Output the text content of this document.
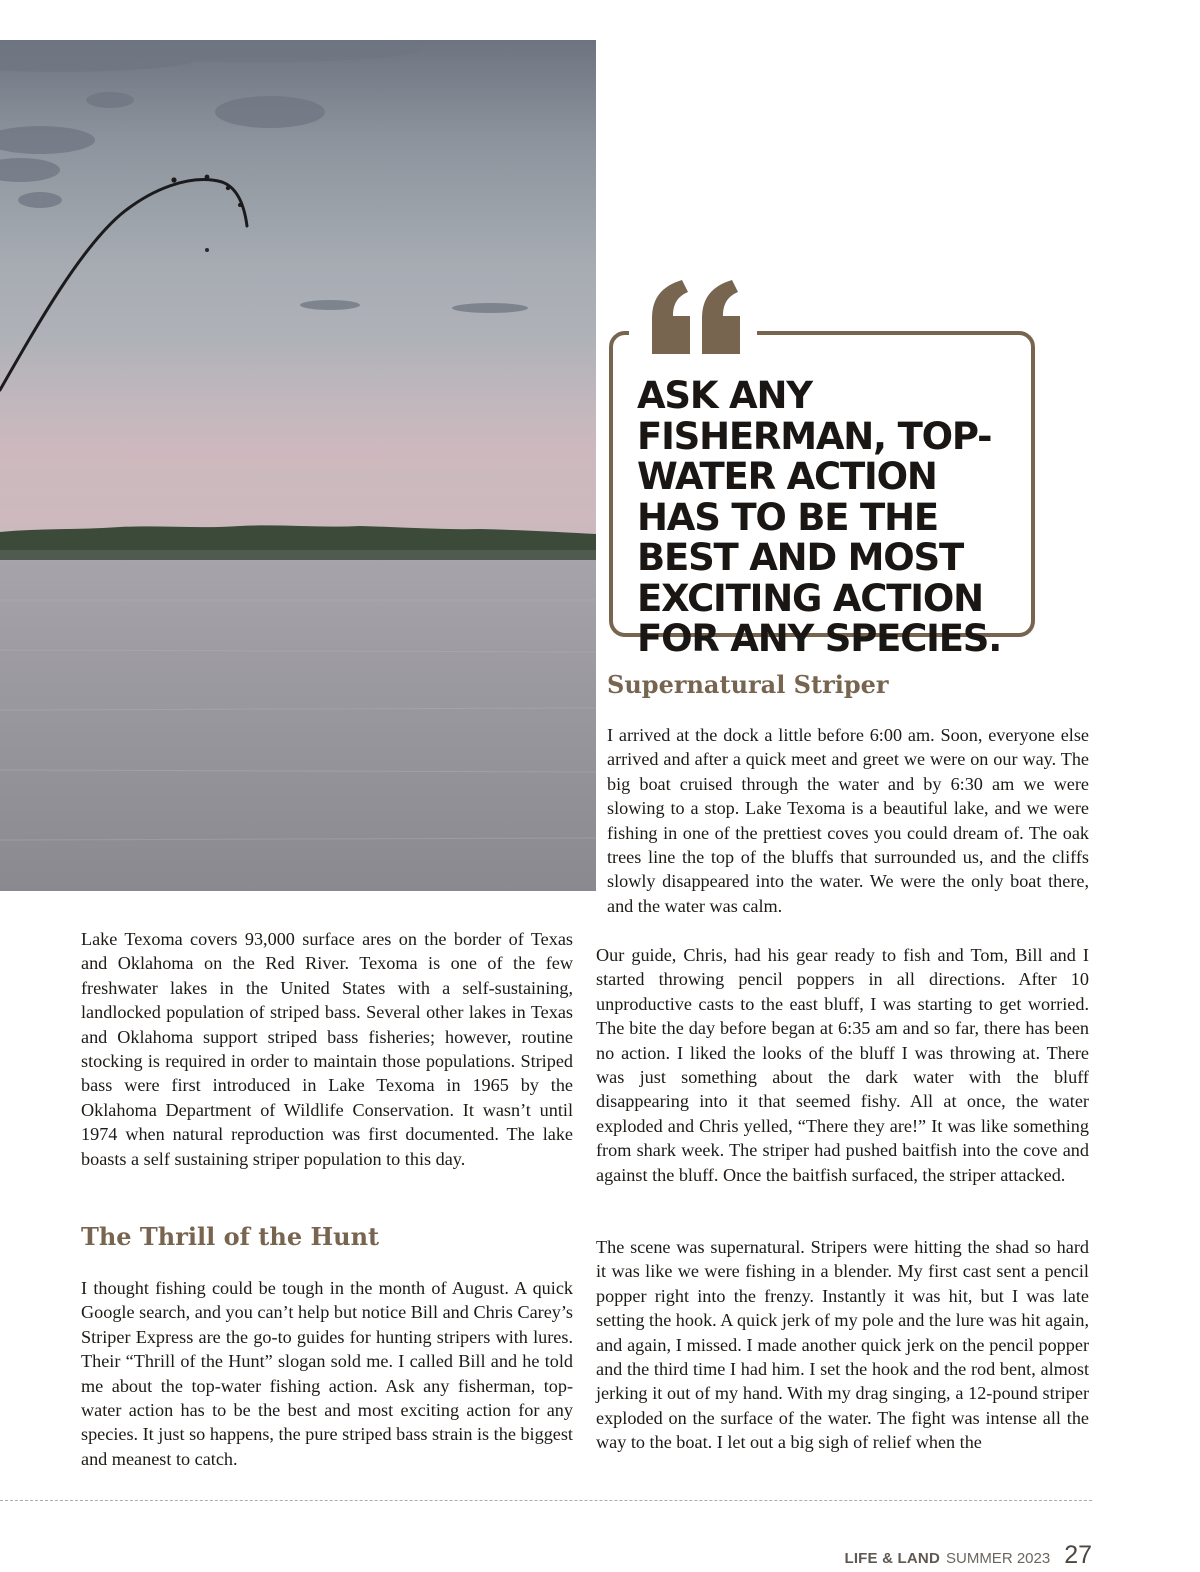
ASK ANY FISHERMAN, TOP-WATER ACTION HAS TO BE THE BEST AND MOST EXCITING ACTION FOR ANY SPECIES.

Supernatural Striper

I arrived at the dock a little before 6:00 am. Soon, everyone else arrived and after a quick meet and greet we were on our way. The big boat cruised through the water and by 6:30 am we were slowing to a stop. Lake Texoma is a beautiful lake, and we were fishing in one of the prettiest coves you could dream of. The oak trees line the top of the bluffs that surrounded us, and the cliffs slowly disappeared into the water. We were the only boat there, and the water was calm.

Our guide, Chris, had his gear ready to fish and Tom, Bill and I started throwing pencil poppers in all directions. After 10 unproductive casts to the east bluff, I was starting to get worried. The bite the day before began at 6:35 am and so far, there has been no action. I liked the looks of the bluff I was throwing at. There was just something about the dark water with the bluff disappearing into it that seemed fishy. All at once, the water exploded and Chris yelled, “There they are!” It was like something from shark week. The striper had pushed baitfish into the cove and against the bluff. Once the baitfish surfaced, the striper attacked.

The scene was supernatural. Stripers were hitting the shad so hard it was like we were fishing in a blender. My first cast sent a pencil popper right into the frenzy. Instantly it was hit, but I was late setting the hook. A quick jerk of my pole and the lure was hit again, and again, I missed. I made another quick jerk on the pencil popper and the third time I had him. I set the hook and the rod bent, almost jerking it out of my hand. With my drag singing, a 12-pound striper exploded on the surface of the water. The fight was intense all the way to the boat. I let out a big sigh of relief when the

Lake Texoma covers 93,000 surface ares on the border of Texas and Oklahoma on the Red River. Texoma is one of the few freshwater lakes in the United States with a self-sustaining, landlocked population of striped bass. Several other lakes in Texas and Oklahoma support striped bass fisheries; however, routine stocking is required in order to maintain those populations. Striped bass were first introduced in Lake Texoma in 1965 by the Oklahoma Department of Wildlife Conservation. It wasn’t until 1974 when natural reproduction was first documented. The lake boasts a self sustaining striper population to this day.

The Thrill of the Hunt

I thought fishing could be tough in the month of August. A quick Google search, and you can’t help but notice Bill and Chris Carey’s Striper Express are the go-to guides for hunting stripers with lures. Their “Thrill of the Hunt” slogan sold me. I called Bill and he told me about the top-water fishing action. Ask any fisherman, top-water action has to be the best and most exciting action for any species. It just so happens, the pure striped bass strain is the biggest and meanest to catch.

LIFE & LAND SUMMER 2023 27
